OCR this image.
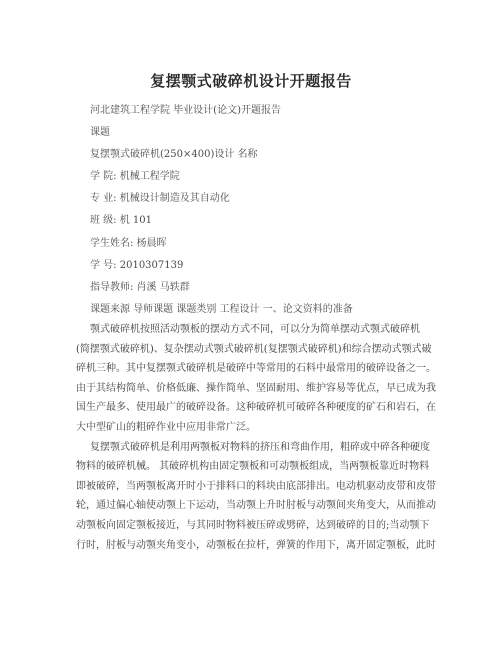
复摆颚式破碎机设计开题报告
河北建筑工程学院 毕业设计(论文)开题报告
课题
复摆颚式破碎机(250×400)设计 名称
学 院: 机械工程学院
专 业: 机械设计制造及其自动化
班 级: 机 101
学生姓名: 杨晨晖
学 号: 2010307139
指导教师: 肖溪 马轶群
课题来源 导师课题 课题类别 工程设计 一、论文资料的准备
颚式破碎机按照活动颚板的摆动方式不同，可以分为简单摆动式颚式破碎机
(简摆颚式破碎机)、复杂摆动式颚式破碎机(复摆颚式破碎机)和综合摆动式颚式破
碎机三种。其中复摆颚式破碎机是破碎中等常用的石料中最常用的破碎设备之一。
由于其结构简单、价格低廉、操作简单、坚固耐用、维护容易等优点，早已成为我
国生产最多、使用最广的破碎设备。这种破碎机可破碎各种硬度的矿石和岩石，在
大中型矿山的粗碎作业中应用非常广泛。
复摆颚式破碎机是利用两颚板对物料的挤压和弯曲作用，粗碎或中碎各种硬度
物料的破碎机械。 其破碎机构由固定颚板和可动颚板组成，当两颚板靠近时物料
即被破碎，当两颚板离开时小于排料口的料块由底部排出。电动机驱动皮带和皮带
轮，通过偏心轴使动颚上下运动，当动颚上升时肘板与动颚间夹角变大，从而推动
动颚板向固定颚板接近，与其同时物料被压碎或劈碎，达到破碎的目的;当动颚下
行时，肘板与动颚夹角变小，动颚板在拉杆，弹簧的作用下，离开固定颚板，此时
